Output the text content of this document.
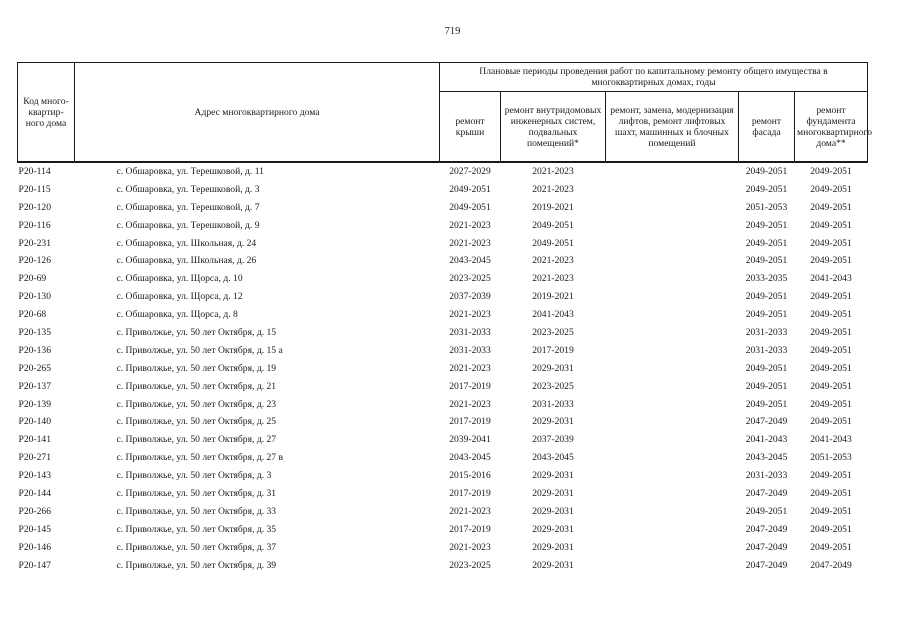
719
Код много-квартир-ного дома	Адрес многоквартирного дома	Плановые периоды проведения работ по капитальному ремонту общего имущества в многоквартирных домах, годы				
		ремонт крыши	ремонт внутридомовых инженерных систем, подвальных помещений*	ремонт, замена, модернизация лифтов, ремонт лифтовых шахт, машинных и блочных помещений	ремонт фасада	ремонт фундамента многоквартирного дома**
Р20-114	с. Обшаровка, ул. Терешковой, д. 11	2027-2029	2021-2023		2049-2051	2049-2051
Р20-115	с. Обшаровка, ул. Терешковой, д. 3	2049-2051	2021-2023		2049-2051	2049-2051
Р20-120	с. Обшаровка, ул. Терешковой, д. 7	2049-2051	2019-2021		2051-2053	2049-2051
Р20-116	с. Обшаровка, ул. Терешковой, д. 9	2021-2023	2049-2051		2049-2051	2049-2051
Р20-231	с. Обшаровка, ул. Школьная, д. 24	2021-2023	2049-2051		2049-2051	2049-2051
Р20-126	с. Обшаровка, ул. Школьная, д. 26	2043-2045	2021-2023		2049-2051	2049-2051
Р20-69	с. Обшаровка, ул. Щорса, д. 10	2023-2025	2021-2023		2033-2035	2041-2043
Р20-130	с. Обшаровка, ул. Щорса, д. 12	2037-2039	2019-2021		2049-2051	2049-2051
Р20-68	с. Обшаровка, ул. Щорса, д. 8	2021-2023	2041-2043		2049-2051	2049-2051
Р20-135	с. Приволжье, ул. 50 лет Октября, д. 15	2031-2033	2023-2025		2031-2033	2049-2051
Р20-136	с. Приволжье, ул. 50 лет Октября, д. 15 а	2031-2033	2017-2019		2031-2033	2049-2051
Р20-265	с. Приволжье, ул. 50 лет Октября, д. 19	2021-2023	2029-2031		2049-2051	2049-2051
Р20-137	с. Приволжье, ул. 50 лет Октября, д. 21	2017-2019	2023-2025		2049-2051	2049-2051
Р20-139	с. Приволжье, ул. 50 лет Октября, д. 23	2021-2023	2031-2033		2049-2051	2049-2051
Р20-140	с. Приволжье, ул. 50 лет Октября, д. 25	2017-2019	2029-2031		2047-2049	2049-2051
Р20-141	с. Приволжье, ул. 50 лет Октября, д. 27	2039-2041	2037-2039		2041-2043	2041-2043
Р20-271	с. Приволжье, ул. 50 лет Октября, д. 27 в	2043-2045	2043-2045		2043-2045	2051-2053
Р20-143	с. Приволжье, ул. 50 лет Октября, д. 3	2015-2016	2029-2031		2031-2033	2049-2051
Р20-144	с. Приволжье, ул. 50 лет Октября, д. 31	2017-2019	2029-2031		2047-2049	2049-2051
Р20-266	с. Приволжье, ул. 50 лет Октября, д. 33	2021-2023	2029-2031		2049-2051	2049-2051
Р20-145	с. Приволжье, ул. 50 лет Октября, д. 35	2017-2019	2029-2031		2047-2049	2049-2051
Р20-146	с. Приволжье, ул. 50 лет Октября, д. 37	2021-2023	2029-2031		2047-2049	2049-2051
Р20-147	с. Приволжье, ул. 50 лет Октября, д. 39	2023-2025	2029-2031		2047-2049	2047-2049
